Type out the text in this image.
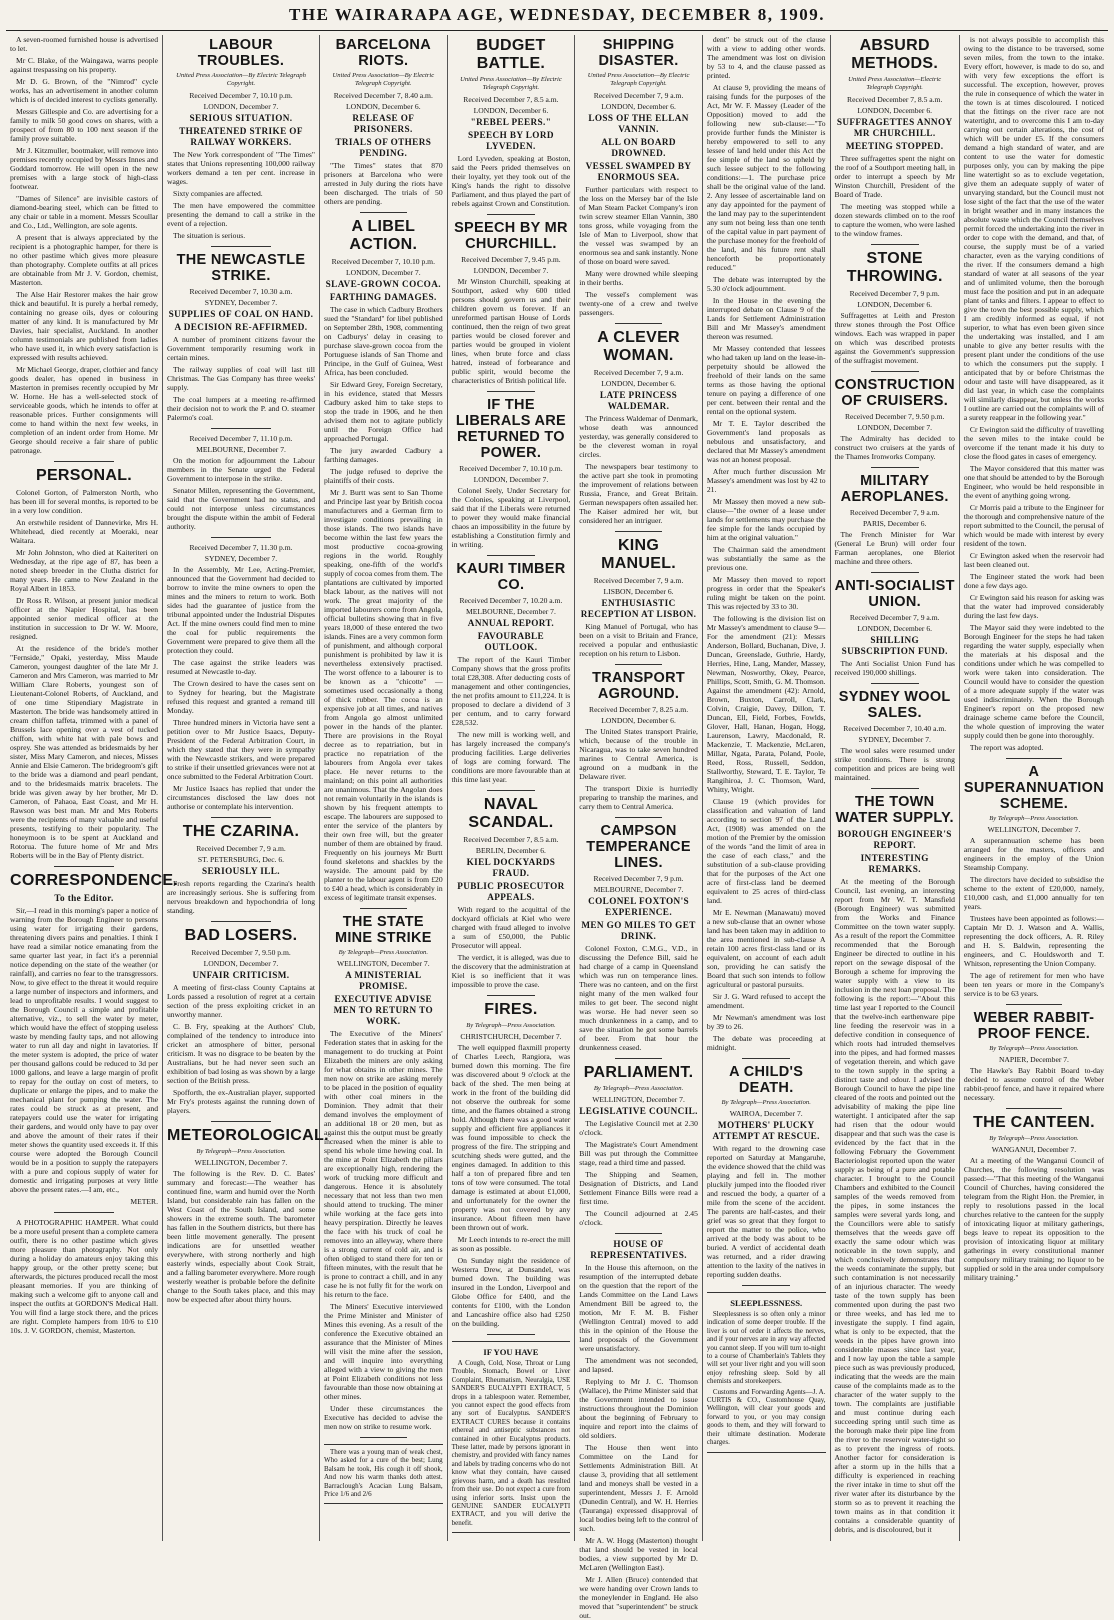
THE WAIRARAPA AGE, WEDNESDAY, DECEMBER 8, 1909.

A seven-roomed furnished house is advertised to let.

Mr C. Blake, of the Waingawa, warns people against trespassing on his property.

Mr D. G. Brown, of the "Nimrod" cycle works, has an advertisement in another column which is of decided interest to cyclists generally.

Messrs Gillespie and Co. are advertising for a family to milk 50 good cows on shares, with a prospect of from 80 to 100 next season if the family prove suitable.

Mr J. Kitzmuller, bootmaker, will remove into premises recently occupied by Messrs Innes and Goddard tomorrow. He will open in the new premises with a large stock of high-class footwear.

"Dames of Silence" are invisible castors of diamond-bearing steel, which can be fitted to any chair or table in a moment. Messrs Scoullar and Co., Ltd., Wellington, are sole agents.

A present that is always appreciated by the recipient is a photographic hamper, for there is no other pastime which gives more pleasure than photography. Complete outfits at all prices are obtainable from Mr J. V. Gordon, chemist, Masterton.

The Alse Hair Restorer makes the hair grow thick and beautiful. It is purely a herbal remedy, containing no grease oils, dyes or colouring matter of any kind. It is manufactured by Mr Davies, hair specialist, Auckland. In another column testimonials are published from ladies who have used it, in which every satisfaction is expressed with results achieved.

Mr Michael George, draper, clothier and fancy goods dealer, has opened in business in Masterton in premises recently occupied by Mr W. Horne. He has a well-selected stock of serviceable goods, which he intends to offer at reasonable prices. Further consignments will come to hand within the next few weeks, in completion of an indent order from Home. Mr George should receive a fair share of public patronage.

PERSONAL.

Colonel Gorton, of Palmerston North, who has been ill for several months, is reported to be in a very low condition.

An erstwhile resident of Dannevirke, Mrs H. Whitehead, died recently at Moeraki, near Waitara.

Mr John Johnston, who died at Kaiteriteri on Wednesday, at the ripe age of 87, has been a noted sheep breeder in the Clutha district for many years. He came to New Zealand in the Royal Albert in 1853.

Dr Ross R. Wilson, at present junior medical officer at the Napier Hospital, has been appointed senior medical officer at the institution in succession to Dr W. W. Moore, resigned.

At the residence of the bride's mother "Fernside," Opaki, yesterday, Miss Maude Cameron, youngest daughter of the late Mr J. Cameron and Mrs Cameron, was married to Mr William Clare Roberts, youngest son of Lieutenant-Colonel Roberts, of Auckland, and of one time Stipendiary Magistrate in Masterton. The bride was handsomely attired in cream chiffon taffeta, trimmed with a panel of Brussels lace opening over a vest of tucked chiffon, with white hat with pale bows and osprey. She was attended as bridesmaids by her sister, Miss Mary Cameron, and nieces, Misses Annie and Elsie Cameron. The bridegroom's gift to the bride was a diamond and pearl pendant, and to the bridesmaids matrix bracelets. The bride was given away by her brother, Mr D. Cameron, of Pahaoa, East Coast, and Mr H. Rawson was best man. Mr and Mrs Roberts were the recipients of many valuable and useful presents, testifying to their popularity. The honeymoon is to be spent at Auckland and Rotorua. The future home of Mr and Mrs Roberts will be in the Bay of Plenty district.

CORRESPONDENCE.
To the Editor.

Sir,—I read in this morning's paper a notice of warning from the Borough Engineer to persons using water for irrigating their gardens, threatening divers pains and penalties. I think I have read a similar notice emanating from the same quarter last year, in fact it's a perennial notice depending on the state of the weather (or rainfall), and carries no fear to the transgressors. Now, to give effect to the threat it would require a large number of inspectors and informers, and lead to unprofitable results. I would suggest to the Borough Council a simple and profitable alternative, viz., to sell the water by meter, which would have the effect of stopping useless waste by mending faulty taps, and not allowing water to run all day and night in lavatories. If the meter system is adopted, the price of water per thousand gallons could be reduced to 3d per 1000 gallons, and leave a large margin of profit to repay for the outlay on cost of meters, to duplicate or enlarge the pipes, and to make the mechanical plant for pumping the water. The rates could be struck as at present, and ratepayers could use the water for irrigating their gardens, and would only have to pay over and above the amount of their rates if their meter shows the quantity used exceeds it. If this course were adopted the Borough Council would be in a position to supply the ratepayers with a pure and copious supply of water for domestic and irrigating purposes at very little above the present rates.—I am, etc.,

METER.

A PHOTOGRAPHIC HAMPER. What could be a more useful present than a complete camera outfit, there is no other pastime which gives more pleasure than photography. Not only during a holiday do amateurs enjoy taking this happy group, or the other pretty scene; but afterwards, the pictures produced recall the most pleasant memories. If you are thinking of making such a welcome gift to anyone call and inspect the outfits at GORDON'S Medical Hall. You will find a large stock there, and the prices are right. Complete hampers from 10/6 to £10 10s. J. V. GORDON, chemist, Masterton.

LABOUR TROUBLES.
United Press Association—By Electric Telegraph Copyright.
Received December 7, 10.10 p.m.
LONDON, December 7.
SERIOUS SITUATION.
THREATENED STRIKE OF RAILWAY WORKERS.

The New York correspondent of "The Times" states that Unions representing 100,000 railway workers demand a ten per cent. increase in wages.

Sixty companies are affected.

The men have empowered the committee presenting the demand to call a strike in the event of a rejection.

The situation is serious.

THE NEWCASTLE STRIKE.
Received December 7, 10.30 a.m.
SYDNEY, December 7.
SUPPLIES OF COAL ON HAND.
A DECISION RE-AFFIRMED.

A number of prominent citizens favour the Government temporarily resuming work in certain mines.

The railway supplies of coal will last till Christmas. The Gas Company has three weeks' supply.

The coal lumpers at a meeting re-affirmed their decision not to work the P. and O. steamer Palermo's coal.

Received December 7, 11.10 p.m.
MELBOURNE, December 7.

On the motion for adjournment the Labour members in the Senate urged the Federal Government to interpose in the strike.

Senator Millen, representing the Government, said that the Government had no status, and could not interpose unless circumstances brought the dispute within the ambit of Federal authority.

Received December 7, 11.30 p.m.
SYDNEY, December 7.

In the Assembly, Mr Lee, Acting-Premier, announced that the Government had decided to borrow to invite the mine owners to open the mines and the miners to return to work. Both sides had the guarantee of justice from the tribunal appointed under the Industrial Disputes Act. If the mine owners could find men to mine the coal for public requirements the Government were prepared to give them all the protection they could.

The case against the strike leaders was resumed at Newcastle to-day.

The Crown desired to have the cases sent on to Sydney for hearing, but the Magistrate refused this request and granted a remand till Monday.

Three hundred miners in Victoria have sent a petition over to Mr Justice Isaacs, Deputy-President of the Federal Arbitration Court, in which they stated that they were in sympathy with the Newcastle strikers, and were prepared to strike if their unsettled grievances were not at once submitted to the Federal Arbitration Court.

Mr Justice Isaacs has replied that under the circumstances disclosed the law does not authorise or contemplate his intervention.

THE CZARINA.
Received December 7, 9 a.m.
ST. PETERSBURG, Dec. 6.
SERIOUSLY ILL.

Fresh reports regarding the Czarina's health are increasingly serious. She is suffering from nervous breakdown and hypochondria of long standing.

BAD LOSERS.
Received December 7, 9.50 p.m.
LONDON, December 7.
UNFAIR CRITICISM.

A meeting of first-class County Captains at Lords passed a resolution of regret at a certain section of the press exploiting cricket in an unworthy manner.

C. B. Fry, speaking at the Authors' Club, complained of the tendency to introduce into cricket an atmosphere of bitter, personal criticism. It was no disgrace to be beaten by the Australians, but he had never seen such an exhibition of bad losing as was shown by a large section of the British press.

Spofforth, the ex-Australian player, supported Mr Fry's protests against the running down of players.

METEOROLOGICAL.
By Telegraph—Press Association.
WELLINGTON, December 7.

The following is the Rev. D. C. Bates' summary and forecast:—The weather has continued fine, warm and humid over the North Island, but considerable rain has fallen on the West Coast of the South Island, and some showers in the extreme south. The barometer has fallen in the Southern districts, but there has been little movement generally. The present indications are for unsettled weather everywhere, with strong northerly and high easterly winds, especially about Cook Strait, and a falling barometer everywhere. More rough westerly weather is probable before the definite change to the South takes place, and this may now be expected after about thirty hours.

BARCELONA RIOTS.
United Press Association—By Electric Telegraph Copyright.
Received December 7, 8.40 a.m.
LONDON, December 6.
RELEASE OF PRISONERS.
TRIALS OF OTHERS PENDING.

"The Times" states that 870 prisoners at Barcelona who were arrested in July during the riots have been discharged. The trials of 50 others are pending.

A LIBEL ACTION.
Received December 7, 10.10 p.m.
LONDON, December 7.
SLAVE-GROWN COCOA.
FARTHING DAMAGES.

The case in which Cadbury Brothers sued the "Standard" for libel published on September 28th, 1908, commenting on Cadburys' delay in ceasing to purchase slave-grown cocoa from the Portuguese islands of San Thome and Principe, in the Gulf of Guinea, West Africa, has been concluded.

Sir Edward Grey, Foreign Secretary, in his evidence, stated that Messrs Cadbury asked him to take steps to stop the trade in 1906, and he then advised them not to agitate publicly until the Foreign Office had approached Portugal.

The jury awarded Cadbury a farthing damages.

The judge refused to deprive the plaintiffs of their costs.

Mr J. Burtt was sent to San Thome and Principe last year by British cocoa manufacturers and a German firm to investigate conditions prevailing in those islands. The two islands have become within the last few years the most productive cocoa-growing regions in the world. Roughly speaking, one-fifth of the world's supply of cocoa comes from them. The plantations are cultivated by imported black labour, as the natives will not work. The great majority of the imported labourers come from Angola, official bulletins showing that in five years 18,000 of these entered the two islands. Fines are a very common form of punishment, and although corporal punishment is prohibited by law it is nevertheless extensively practised. The worst offence to a labourer is to be known as a "chicotte" — sometimes used occasionally a thong of thick rubber. The cocoa is an expensive job at all times, and natives from Angola go almost unlimited power in the hands of the planter. There are provisions in the Royal decree as to repatriation, but in practice no repatriation of the labourers from Angola ever takes place. He never returns to the mainland; on this point all authorities are unanimous. That the Angolan does not remain voluntarily in the islands is shown by his frequent attempts to escape. The labourers are supposed to enter the service of the planters by their own free will, but the greater number of them are obtained by fraud. Frequently on his journeys Mr Burtt found skeletons and shackles by the wayside. The amount paid by the planter to the labour agent is from £20 to £40 a head, which is considerably in excess of legitimate transit expenses.

THE STATE MINE STRIKE
By Telegraph—Press Association.
WELLINGTON, December 7.
A MINISTERIAL PROMISE.
EXECUTIVE ADVISE MEN TO RETURN TO WORK.

The Executive of the Miners' Federation states that in asking for the management to do trucking at Point Elizabeth the miners are only asking for what obtains in other mines. The men now on strike are asking merely to be placed in the position of equality with other coal miners in the Dominion. They admit that their demand involves the employment of an additional 18 or 20 men, but as against this the output must be greatly increased when the miner is able to spend his whole time hewing coal. In the mine at Point Elizabeth the pillars are exceptionally high, rendering the work of trucking more difficult and dangerous. Hence it is absolutely necessary that not less than two men should attend to trucking. The miner while working at the face gets into heavy perspiration. Directly he leaves the face with his truck of coal he removes into an alleyway, where there is a strong current of cold air, and is often obliged to stand there for ten or fifteen minutes, with the result that he is prone to contract a chill, and in any case he is not fully fit for the work on his return to the face.

The Miners' Executive interviewed the Prime Minister and Minister of Mines this evening. As a result of the conference the Executive obtained an assurance that the Minister of Mines will visit the mine after the session, and will inquire into everything alleged with a view to giving the men at Point Elizabeth conditions not less favourable than those now obtaining at other mines.

Under these circumstances the Executive has decided to advise the men now on strike to resume work.

There was a young man of weak chest, Who asked for a cure of the best; Lung Balsam he took, His cough it off shook, And now his warm thanks doth attest. Barraclough's Acacian Lung Balsam, Price 1/6 and 2/6

BUDGET BATTLE.
United Press Association—By Electric Telegraph Copyright.
Received December 7, 8.5 a.m.
LONDON, December 6.
"REBEL PEERS."
SPEECH BY LORD LYVEDEN.

Lord Lyveden, speaking at Boston, said the Peers prided themselves on their loyalty, yet they took out of the King's hands the right to dissolve Parliament, and thus played the part of rebels against Crown and Constitution.

SPEECH BY MR CHURCHILL.
Received December 7, 9.45 p.m.
LONDON, December 7.

Mr Winston Churchill, speaking at Southport, asked why 600 titled persons should govern us and their children govern us forever. If an unreformed partisan House of Lords continued, then the reign of two great parties would be closed forever and parties would be grouped in violent lines, when brute force and class hatred, instead of forbearance and public spirit, would become the characteristics of British political life.

IF THE LIBERALS ARE RETURNED TO POWER.
Received December 7, 10.10 p.m.
LONDON, December 7.

Colonel Seely, Under Secretary for the Colonies, speaking at Liverpool, said that if the Liberals were returned to power they would make financial chaos an impossibility in the future by establishing a Constitution firmly and in writing.

KAURI TIMBER CO.
Received December 7, 10.20 a.m.
MELBOURNE, December 7.
ANNUAL REPORT.
FAVOURABLE OUTLOOK.

The report of the Kauri Timber Company shows that the gross profits total £28,308. After deducting costs of management and other contingencies, the net profits amount to £11,224. It is proposed to declare a dividend of 3 per centum, and to carry forward £28,532.

The new mill is working well, and has largely increased the company's producing facilities. Large deliveries of logs are coming forward. The conditions are more favourable than at this time last year.

NAVAL SCANDAL.
Received December 7, 8.5 a.m.
BERLIN, December 6.
KIEL DOCKYARDS FRAUD.
PUBLIC PROSECUTOR APPEALS.

With regard to the acquittal of the dockyard officials at Kiel who were charged with fraud alleged to involve a sum of £50,000, the Public Prosecutor will appeal.

The verdict, it is alleged, was due to the discovery that the administration at Kiel is so inefficient that it was impossible to prove the case.

FIRES.
By Telegraph—Press Association.
CHRISTCHURCH, December 7.

The well equipped flaxmill property of Charles Leech, Rangiora, was burned down this morning. The fire was discovered about 9 o'clock at the back of the shed. The men being at work in the front of the building did not observe the outbreak for some time, and the flames obtained a strong hold. Although there was a good water supply and efficient fire appliances it was found impossible to check the progress of the fire. The stripping and scutching sheds were gutted, and the engines damaged. In addition to this half a ton of prepared fibre and ten tons of tow were consumed. The total damage is estimated at about £1,000, and unfortunately for the owner the property was not covered by any insurance. About fifteen men have been thrown out of work.

Mr Leech intends to re-erect the mill as soon as possible.

On Sunday night the residence of Westerra Drew, at Dunsandel, was burned down. The building was insured in the London, Liverpool and Globe Office for £400, and the contents for £100, with the London and Lancashire office also had £250 on the building.

IF YOU HAVE

A Cough, Cold, Nose, Throat or Lung Trouble, Stomach, Bowel or Liver Complaint, Rheumatism, Neuralgia, USE SANDER'S EUCALYPTI EXTRACT, 5 drops in a tablespoon water. Remember, you cannot expect the good effects from any sort of Eucalyptus. SANDER'S EXTRACT CURES because it contains ethereal and antiseptic substances not contained in other Eucalyptus products. These latter, made by persons ignorant in chemistry, and provided with fancy names and labels by trading concerns who do not know what they contain, have caused grievous harm, and a death has resulted from their use. Do not expect a cure from using inferior sorts. Insist upon the GENUINE SANDER EUCALYPTI EXTRACT, and you will derive the benefit.

SHIPPING DISASTER.
United Press Association—By Electric Telegraph Copyright.
Received December 7, 9 a.m.
LONDON, December 6.
LOSS OF THE ELLAN VANNIN.
ALL ON BOARD DROWNED.
VESSEL SWAMPED BY ENORMOUS SEA.

Further particulars with respect to the loss on the Mersey bar of the Isle of Man Steam Packet Company's iron twin screw steamer Ellan Vannin, 380 tons gross, while voyaging from the Isle of Man to Liverpool, show that the vessel was swamped by an enormous sea and sank instantly. None of those on board were saved.

Many were drowned while sleeping in their berths.

The vessel's complement was twenty-one of a crew and twelve passengers.

A CLEVER WOMAN.
Received December 7, 9 a.m.
LONDON, December 6.
LATE PRINCESS WALDEMAR.

The Princess Waldemar of Denmark, whose death was announced yesterday, was generally considered to be the cleverest woman in royal circles.

The newspapers bear testimony to the active part she took in promoting the improvement of relations between Russia, France, and Great Britain. German newspapers often assailed her. The Kaiser admired her wit, but considered her an intriguer.

KING MANUEL.
Received December 7, 9 a.m.
LISBON, December 6.
ENTHUSIASTIC RECEPTION AT LISBON.

King Manuel of Portugal, who has been on a visit to Britain and France, received a popular and enthusiastic reception on his return to Lisbon.

TRANSPORT AGROUND.
Received December 7, 8.25 a.m.
LONDON, December 6.

The United States transport Prairie, which, because of the trouble in Nicaragua, was to take seven hundred marines to Central America, is aground on a mudbank in the Delaware river.

The transport Dixie is hurriedly preparing to tranship the marines, and carry them to Central America.

CAMPSON TEMPERANCE LINES.
Received December 7, 9 p.m.
MELBOURNE, December 7.
COLONEL FOXTON'S EXPERIENCE.
MEN GO MILES TO GET DRINK.

Colonel Foxton, C.M.G., V.D., in discussing the Defence Bill, said he had charge of a camp in Queensland which was run on temperance lines. There was no canteen, and on the first night many of the men walked four miles to get beer. The second night was worse. He had never seen so much drunkenness in a camp, and to save the situation he got some barrels of beer. From that hour the drunkenness ceased.

PARLIAMENT.
By Telegraph—Press Association.
WELLINGTON, December 7.
LEGISLATIVE COUNCIL.

The Legislative Council met at 2.30 o'clock.

The Magistrate's Court Amendment Bill was put through the Committee stage, read a third time and passed.

The Shipping and Seamen, Designation of Districts, and Land Settlement Finance Bills were read a first time.

The Council adjourned at 2.45 o'clock.

HOUSE OF REPRESENTATIVES.

In the House this afternoon, on the resumption of the interrupted debate on the question that the report of the Lands Committee on the Land Laws Amendment Bill be agreed to, the motion, Mr F. M. B. Fisher (Wellington Central) moved to add this in the opinion of the House the land proposals of the Government were unsatisfactory.

The amendment was not seconded, and lapsed.

Replying to Mr J. C. Thomson (Wallace), the Prime Minister said that the Government intended to issue instructions throughout the Dominion about the beginning of February to inquire and report into the claims of old soldiers.

The House then went into Committee on the Land for Settlements Administration Bill. At clause 3, providing that all settlement land and moneys shall be vested in a superintendent, Messrs J. F. Arnold (Dunedin Central), and W. H. Herries (Tauranga) expressed disapproval of local bodies being left to the control of such.

Mr A. W. Hogg (Masterton) thought that land should be vested in local bodies, a view supported by Mr D. McLaren (Wellington East).

Mr J. Allen (Bruce) contended that we were handing over Crown lands to the moneylender in England. He also moved that "superintendent" be struck out.

dent" be struck out of the clause with a view to adding other words. The amendment was lost on division by 53 to 4, and the clause passed as printed.

At clause 9, providing the means of raising funds for the purposes of the Act, Mr W. F. Massey (Leader of the Opposition) moved to add the following new sub-clause:—"To provide further funds the Minister is hereby empowered to sell to any lessee of land held under this Act the fee simple of the land so upheld by such lessee subject to the following conditions:—1. The purchase price shall be the original value of the land. 2. Any lessee of ascertainable land on any day appointed for the payment of the land may pay to the superintendent any sum not being less than one tenth of the capital value in part payment of the purchase money for the freehold of the land, and his future rent shall henceforth be proportionately reduced."

The debate was interrupted by the 5.30 o'clock adjournment.

In the House in the evening the interrupted debate on Clause 9 of the Lands for Settlement Administration Bill and Mr Massey's amendment thereon was resumed.

Mr Massey contended that lessees who had taken up land on the lease-in-perpetuity should be allowed the freehold of their lands on the same terms as those having the optional tenure on paying a difference of one per cent. between their rental and the rental on the optional system.

Mr T. E. Taylor described the Government's land proposals as nebulous and unsatisfactory, and declared that Mr Massey's amendment was not an honest proposal.

After much further discussion Mr Massey's amendment was lost by 42 to 21.

Mr Massey then moved a new sub-clause—"the owner of a lease under lands for settlements may purchase the fee simple for the lands occupied by him at the original valuation."

The Chairman said the amendment was substantially the same as the previous one.

Mr Massey then moved to report progress in order that the Speaker's ruling might be taken on the point. This was rejected by 33 to 30.

The following is the division list on Mr Massey's amendment to clause 9—For the amendment (21): Messrs Anderson, Bollard, Buchanan, Dive, J. Duncan, Greenslade, Guthrie, Hardy, Herries, Hine, Lang, Mander, Massey, Newman, Nosworthy, Okey, Pearce, Phillips, Scott, Smith, G. M. Thomson. Against the amendment (42): Arnold, Brown, Buxton, Carroll, Clark, Colvin, Craigie, Davey, Dillon, T. Duncan, Ell, Field, Forbes, Fowlds, Glover, Hall, Hanan, Hogan, Hogg, Laurenson, Lawry, Macdonald, R. Mackenzie, T. Mackenzie, McLaren, Millar, Ngata, Parata, Poland, Poole, Reed, Ross, Russell, Seddon, Stallworthy, Steward, T. E. Taylor, Te Rangihiroa, J. C. Thomson, Ward, Whitty, Wright.

Clause 19 (which provides for classification and valuation of land according to section 97 of the Land Act, (1908) was amended on the motion of the Premier by the omission of the words "and the limit of area in the case of each class," and the substitution of a sub-clause providing that for the purposes of the Act one acre of first-class land be deemed equivalent to 25 acres of third-class land.

Mr E. Newman (Manawatu) moved a new sub-clause that an owner whose land has been taken may in addition to the area mentioned in sub-clause A retain 100 acres first-class land or its equivalent, on account of each adult son, providing he can satisfy the Board that such son intends to follow agricultural or pastoral pursuits.

Sir J. G. Ward refused to accept the amendment.

Mr Newman's amendment was lost by 39 to 26.

The debate was proceeding at midnight.

A CHILD'S DEATH.
By Telegraph—Press Association.
WAIROA, December 7.
MOTHERS' PLUCKY ATTEMPT AT RESCUE.

With regard to the drowning case reported on Saturday at Mangaruhe, the evidence showed that the child was playing and fell in. The mother pluckily jumped into the flooded river and rescued the body, a quarter of a mile from the scene of the accident. The parents are half-castes, and their grief was so great that they forgot to report the matter to the police, who arrived at the body was about to be buried. A verdict of accidental death was returned, and a rider drawing attention to the laxity of the natives in reporting sudden deaths.

SLEEPLESSNESS.

Sleeplessness is so often only a minor indication of some deeper trouble. If the liver is out of order it affects the nerves, and if your nerves are in any way affected you cannot sleep. If you will turn to-night to a course of Chamberlain's Tablets they will set your liver right and you will soon enjoy refreshing sleep. Sold by all chemists and storekeepers.

Customs and Forwarding Agents—J. A. CURTIS & CO., Customhouse Quay, Wellington, will clear your goods and forward to you, or you may consign goods to them, and they will forward to their ultimate destination. Moderate charges.

ABSURD METHODS.
United Press Association—Electric Telegraph Copyright.
Received December 7, 8.5 a.m.
LONDON, December 6.
SUFFRAGETTES ANNOY MR CHURCHILL.
MEETING STOPPED.

Three suffragettes spent the night on the roof of a Southport meeting hall, in order to interrupt a speech by Mr Winston Churchill, President of the Board of Trade.

The meeting was stopped while a dozen stewards climbed on to the roof to capture the women, who were lashed to the window frames.

STONE THROWING.
Received December 7, 9 p.m.
LONDON, December 6.

Suffragettes at Leith and Preston threw stones through the Post Office windows. Each was wrapped in paper on which was described protests against the Government's suppression of the suffragist movement.

CONSTRUCTION OF CRUISERS.
Received December 7, 9.50 p.m.
LONDON, December 7.

The Admiralty has decided to construct two cruisers at the yards of the Thames Ironworks Company.

MILITARY AEROPLANES.
Received December 7, 9 a.m.
PARIS, December 6.

The French Minister for War (General Le Brun) will order four Farman aeroplanes, one Bleriot machine and three others.

ANTI-SOCIALIST UNION.
Received December 7, 9 a.m.
LONDON, December 6.
SHILLING SUBSCRIPTION FUND.

The Anti Socialist Union Fund has received 190,000 shillings.

SYDNEY WOOL SALES.
Received December 7, 10.40 a.m.
SYDNEY, December 7.

The wool sales were resumed under strike conditions. There is strong competition and prices are being well maintained.

THE TOWN WATER SUPPLY.
BOROUGH ENGINEER'S REPORT.
INTERESTING REMARKS.

At the meeting of the Borough Council, last evening, an interesting report from Mr W. T. Mansfield (Borough Engineer) was submitted from the Works and Finance Committee on the town water supply. As a result of the report the Committee recommended that the Borough Engineer be directed to outline in his report on the sewage disposal of the Borough a scheme for improving the water supply with a view to its inclusion in the next loan proposal. The following is the report:—"About this time last year I reported to the Council that the twelve-inch earthenware pipe line feeding the reservoir was in a defective condition in consequence of which roots had intruded themselves into the pipes, and had formed masses of vegetation therein, and which gave to the town supply in the spring a distinct taste and odour. I advised the Borough Council to have the pipe line cleared of the roots and pointed out the advisability of making the pipe line watertight. I anticipated after the sap had risen that the odour would disappear and that such was the case is evidenced by the fact that in the following February the Government Bacteriologist reported upon the water supply as being of a pure and potable character. I brought to the Council Chambers and exhibited to the Council samples of the weeds removed from the pipes, in some instances the samples were several yards long, and the Councillors were able to satisfy themselves that the weeds gave off exactly the same odour which was noticeable in the town supply, and which conclusively demonstrates that the weeds contaminate the supply, but such contamination is not necessarily of an injurious character. The weedy taste of the town supply has been commented upon during the past two or three weeks, and has led me to investigate the supply. I find again, what is only to be expected, that the weeds in the pipes have grown into considerable masses since last year, and I now lay upon the table a sample piece such as was previously produced, indicating that the weeds are the main cause of the complaints made as to the character of the water supply to the town. The complaints are justifiable and must continue during each succeeding spring until such time as the borough make their pipe line from the river to the reservoir water-tight so as to prevent the ingress of roots. Another factor for consideration is after a storm up in the hills that a difficulty is experienced in reaching the river intake in time to shut off the river water after its disturbance by the storm so as to prevent it reaching the town mains as in that condition it contains a considerable quantity of debris, and is discoloured, but it

is not always possible to accomplish this owing to the distance to be traversed, some seven miles, from the town to the intake. Every effort, however, is made to do so, and with very few exceptions the effort is successful. The exception, however, proves the rule in consequence of which the water in the town is at times discoloured. I noticed that the fittings on the river race are not watertight, and to overcome this I am to-day carrying out certain alterations, the cost of which will be under £5. If the consumers demand a high standard of water, and are content to use the water for domestic purposes only, you can by making the pipe line watertight so as to exclude vegetation, give them an adequate supply of water of unvarying standard, but the Council must not lose sight of the fact that the use of the water in bright weather and in many instances the absolute waste which the Council themselves permit forced the undertaking into the river in order to cope with the demand, and that, of course, the supply must be of a varied character, even as the varying conditions of the river. If the consumers demand a high standard of water at all seasons of the year and of unlimited volume, then the borough must face the position and put in an adequate plant of tanks and filters. I appear to effect to give the town the best possible supply, which I am credibly informed as equal, if not superior, to what has even been given since the undertaking was installed, and I am unable to give any better results with the present plant under the conditions of the use to which the consumers put the supply. I anticipated that by or before Christmas the odour and taste will have disappeared, as it did last year, in which case the complaints will similarly disappear, but unless the works I outline are carried out the complaints will of a surety reappear in the following year."

Cr Ewington said the difficulty of travelling the seven miles to the intake could be overcome if the tenant made it his duty to close the flood gates in cases of emergency.

The Mayor considered that this matter was one that should be attended to by the Borough Engineer, who would be held responsible in the event of anything going wrong.

Cr Morris paid a tribute to the Engineer for the thorough and comprehensive nature of the report submitted to the Council, the perusal of which would be made with interest by every resident of the town.

Cr Ewington asked when the reservoir had last been cleaned out.

The Engineer stated the work had been done a few days ago.

Cr Ewington said his reason for asking was that the water had improved considerably during the last few days.

The Mayor said they were indebted to the Borough Engineer for the steps he had taken regarding the water supply, especially when the materials at his disposal and the conditions under which he was compelled to work were taken into consideration. The Council would have to consider the question of a more adequate supply if the water was used indiscriminately. When the Borough Engineer's report on the proposed new drainage scheme came before the Council, the whole question of improving the water supply could then be gone into thoroughly.

The report was adopted.

A SUPERANNUATION SCHEME.
By Telegraph—Press Association.
WELLINGTON, December 7.

A superannuation scheme has been arranged for the masters, officers and engineers in the employ of the Union Steamship Company.

The directors have decided to subsidise the scheme to the extent of £20,000, namely, £10,000 cash, and £1,000 annually for ten years.

Trustees have been appointed as follows:—Captain Mr D. J. Watson and A. Wallis, representing the dock officers, A. R. Riley and H. S. Baldwin, representing the engineers, and C. Houldsworth and T. Whitson, representing the Union Company.

The age of retirement for men who have been ten years or more in the Company's service is to be 63 years.

WEBER RABBIT-PROOF FENCE.
By Telegraph—Press Association.
NAPIER, December 7.

The Hawke's Bay Rabbit Board to-day decided to assume control of the Weber rabbit-proof fence, and have it repaired where necessary.

THE CANTEEN.
By Telegraph—Press Association.
WANGANUI, December 7.

At a meeting of the Wanganui Council of Churches, the following resolution was passed:—"That this meeting of the Wanganui Council of Churches, having considered the telegram from the Right Hon. the Premier, in reply to resolutions passed in the local churches relative to the canteen for the supply of intoxicating liquor at military gatherings, begs leave to repeat its opposition to the provision of intoxicating liquor at military gatherings in every constitutional manner compulsory military training; no liquor to be supplied or sold in the area under compulsory military training."
